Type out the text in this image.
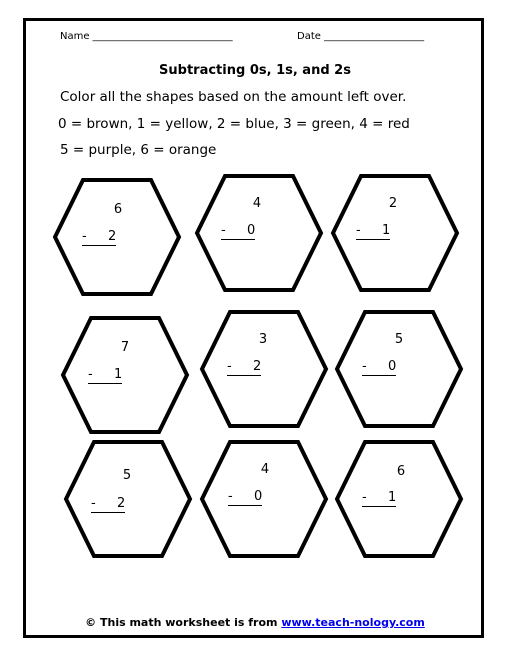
Name ____________________________	Date ____________________
Subtracting 0s, 1s, and 2s
Color all the shapes based on the amount left over.
0 = brown, 1 = yellow, 2 = blue, 3 = green, 4 = red
5 = purple, 6 = orange
6
-	2
4
-	0
2
-	1
7
-	1
3
-	2
5
-	0
5
-	2
4
-	0
6
-	1
© This math worksheet is from www.teach-nology.com
